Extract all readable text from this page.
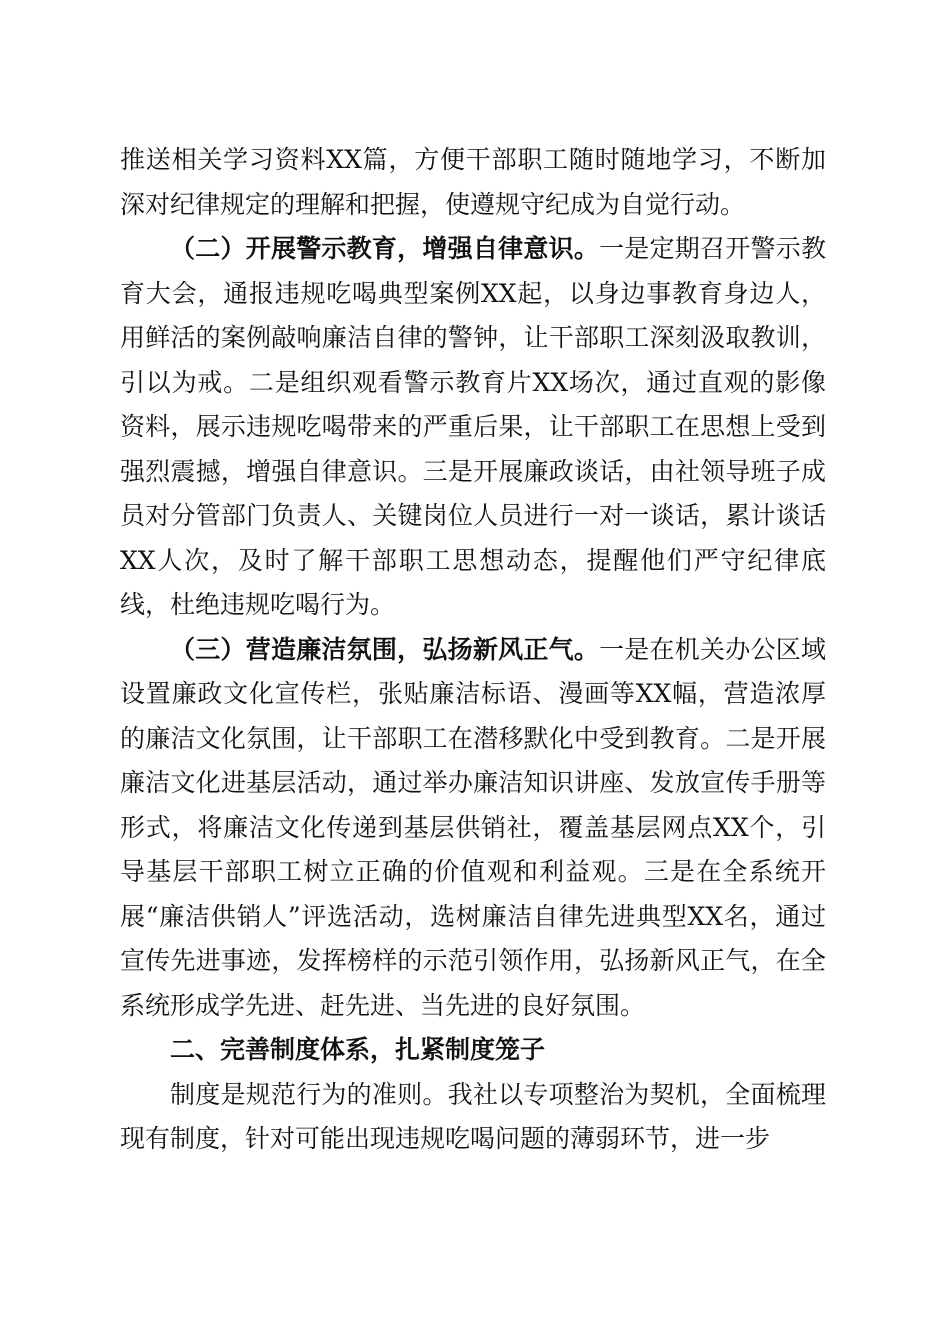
推送相关学习资料XX篇，方便干部职工随时随地学习，不断加深对纪律规定的理解和把握，使遵规守纪成为自觉行动。

（二）开展警示教育，增强自律意识。一是定期召开警示教育大会，通报违规吃喝典型案例XX起，以身边事教育身边人，用鲜活的案例敲响廉洁自律的警钟，让干部职工深刻汲取教训，引以为戒。二是组织观看警示教育片XX场次，通过直观的影像资料，展示违规吃喝带来的严重后果，让干部职工在思想上受到强烈震撼，增强自律意识。三是开展廉政谈话，由社领导班子成员对分管部门负责人、关键岗位人员进行一对一谈话，累计谈话XX人次，及时了解干部职工思想动态，提醒他们严守纪律底线，杜绝违规吃喝行为。

（三）营造廉洁氛围，弘扬新风正气。一是在机关办公区域设置廉政文化宣传栏，张贴廉洁标语、漫画等XX幅，营造浓厚的廉洁文化氛围，让干部职工在潜移默化中受到教育。二是开展廉洁文化进基层活动，通过举办廉洁知识讲座、发放宣传手册等形式，将廉洁文化传递到基层供销社，覆盖基层网点XX个，引导基层干部职工树立正确的价值观和利益观。三是在全系统开展“廉洁供销人”评选活动，选树廉洁自律先进典型XX名，通过宣传先进事迹，发挥榜样的示范引领作用，弘扬新风正气，在全系统形成学先进、赶先进、当先进的良好氛围。

二、完善制度体系，扎紧制度笼子

制度是规范行为的准则。我社以专项整治为契机，全面梳理现有制度，针对可能出现违规吃喝问题的薄弱环节，进一步
